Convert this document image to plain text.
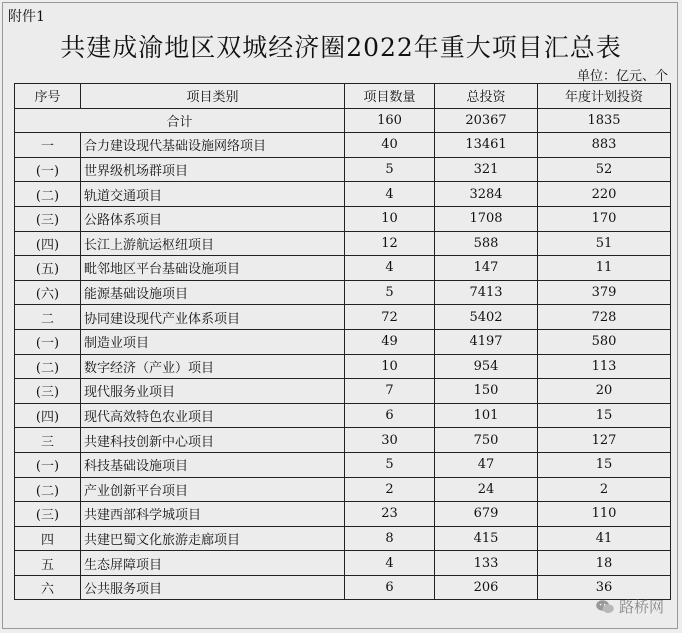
附件1
共建成渝地区双城经济圈2022年重大项目汇总表
单位：亿元、个
序号	项目类别	项目数量	总投资	年度计划投资
合计		160	20367	1835
一	合力建设现代基础设施网络项目	40	13461	883
(一)	世界级机场群项目	5	321	52
(二)	轨道交通项目	4	3284	220
(三)	公路体系项目	10	1708	170
(四)	长江上游航运枢纽项目	12	588	51
(五)	毗邻地区平台基础设施项目	4	147	11
(六)	能源基础设施项目	5	7413	379
二	协同建设现代产业体系项目	72	5402	728
(一)	制造业项目	49	4197	580
(二)	数字经济（产业）项目	10	954	113
(三)	现代服务业项目	7	150	20
(四)	现代高效特色农业项目	6	101	15
三	共建科技创新中心项目	30	750	127
(一)	科技基础设施项目	5	47	15
(二)	产业创新平台项目	2	24	2
(三)	共建西部科学城项目	23	679	110
四	共建巴蜀文化旅游走廊项目	8	415	41
五	生态屏障项目	4	133	18
六	公共服务项目	6	206	36
路桥网
